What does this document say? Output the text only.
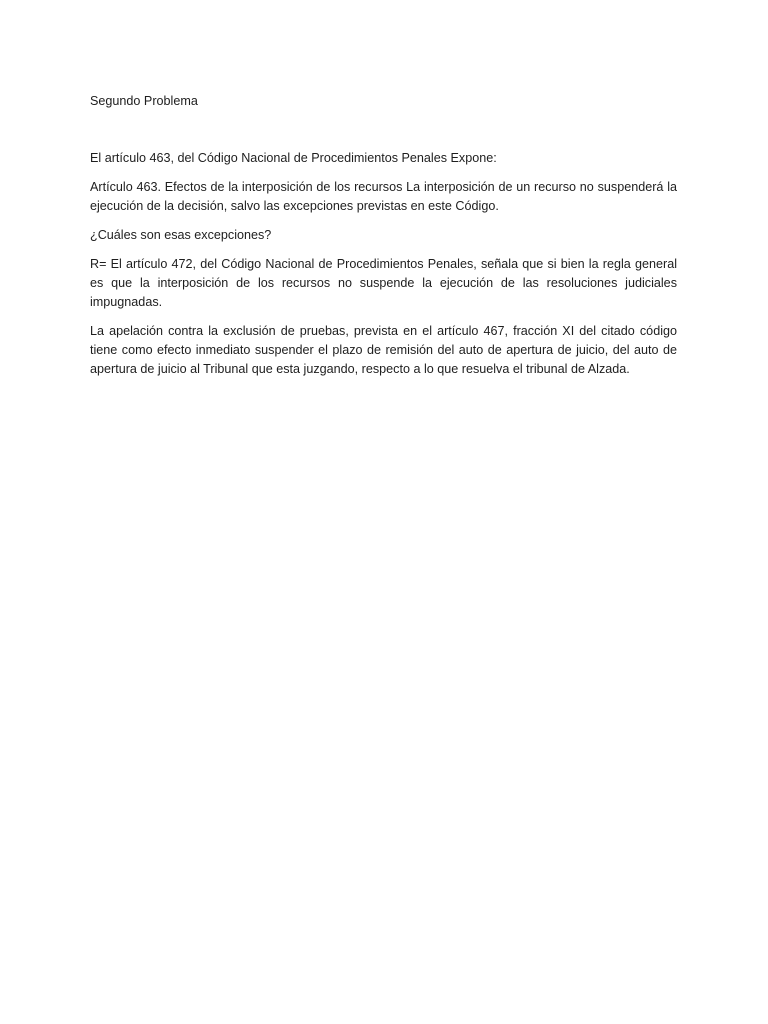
Segundo Problema

El artículo 463, del Código Nacional de Procedimientos Penales Expone:

Artículo 463. Efectos de la interposición de los recursos La interposición de un recurso no suspenderá la ejecución de la decisión, salvo las excepciones previstas en este Código.

¿Cuáles son esas excepciones?

R= El artículo 472, del Código Nacional de Procedimientos Penales, señala que si bien la regla general es que la interposición de los recursos no suspende la ejecución de las resoluciones judiciales impugnadas.

La apelación contra la exclusión de pruebas, prevista en el artículo 467, fracción XI del citado código tiene como efecto inmediato suspender el plazo de remisión del auto de apertura de juicio, del auto de apertura de juicio al Tribunal que esta juzgando, respecto a lo que resuelva el tribunal de Alzada.
